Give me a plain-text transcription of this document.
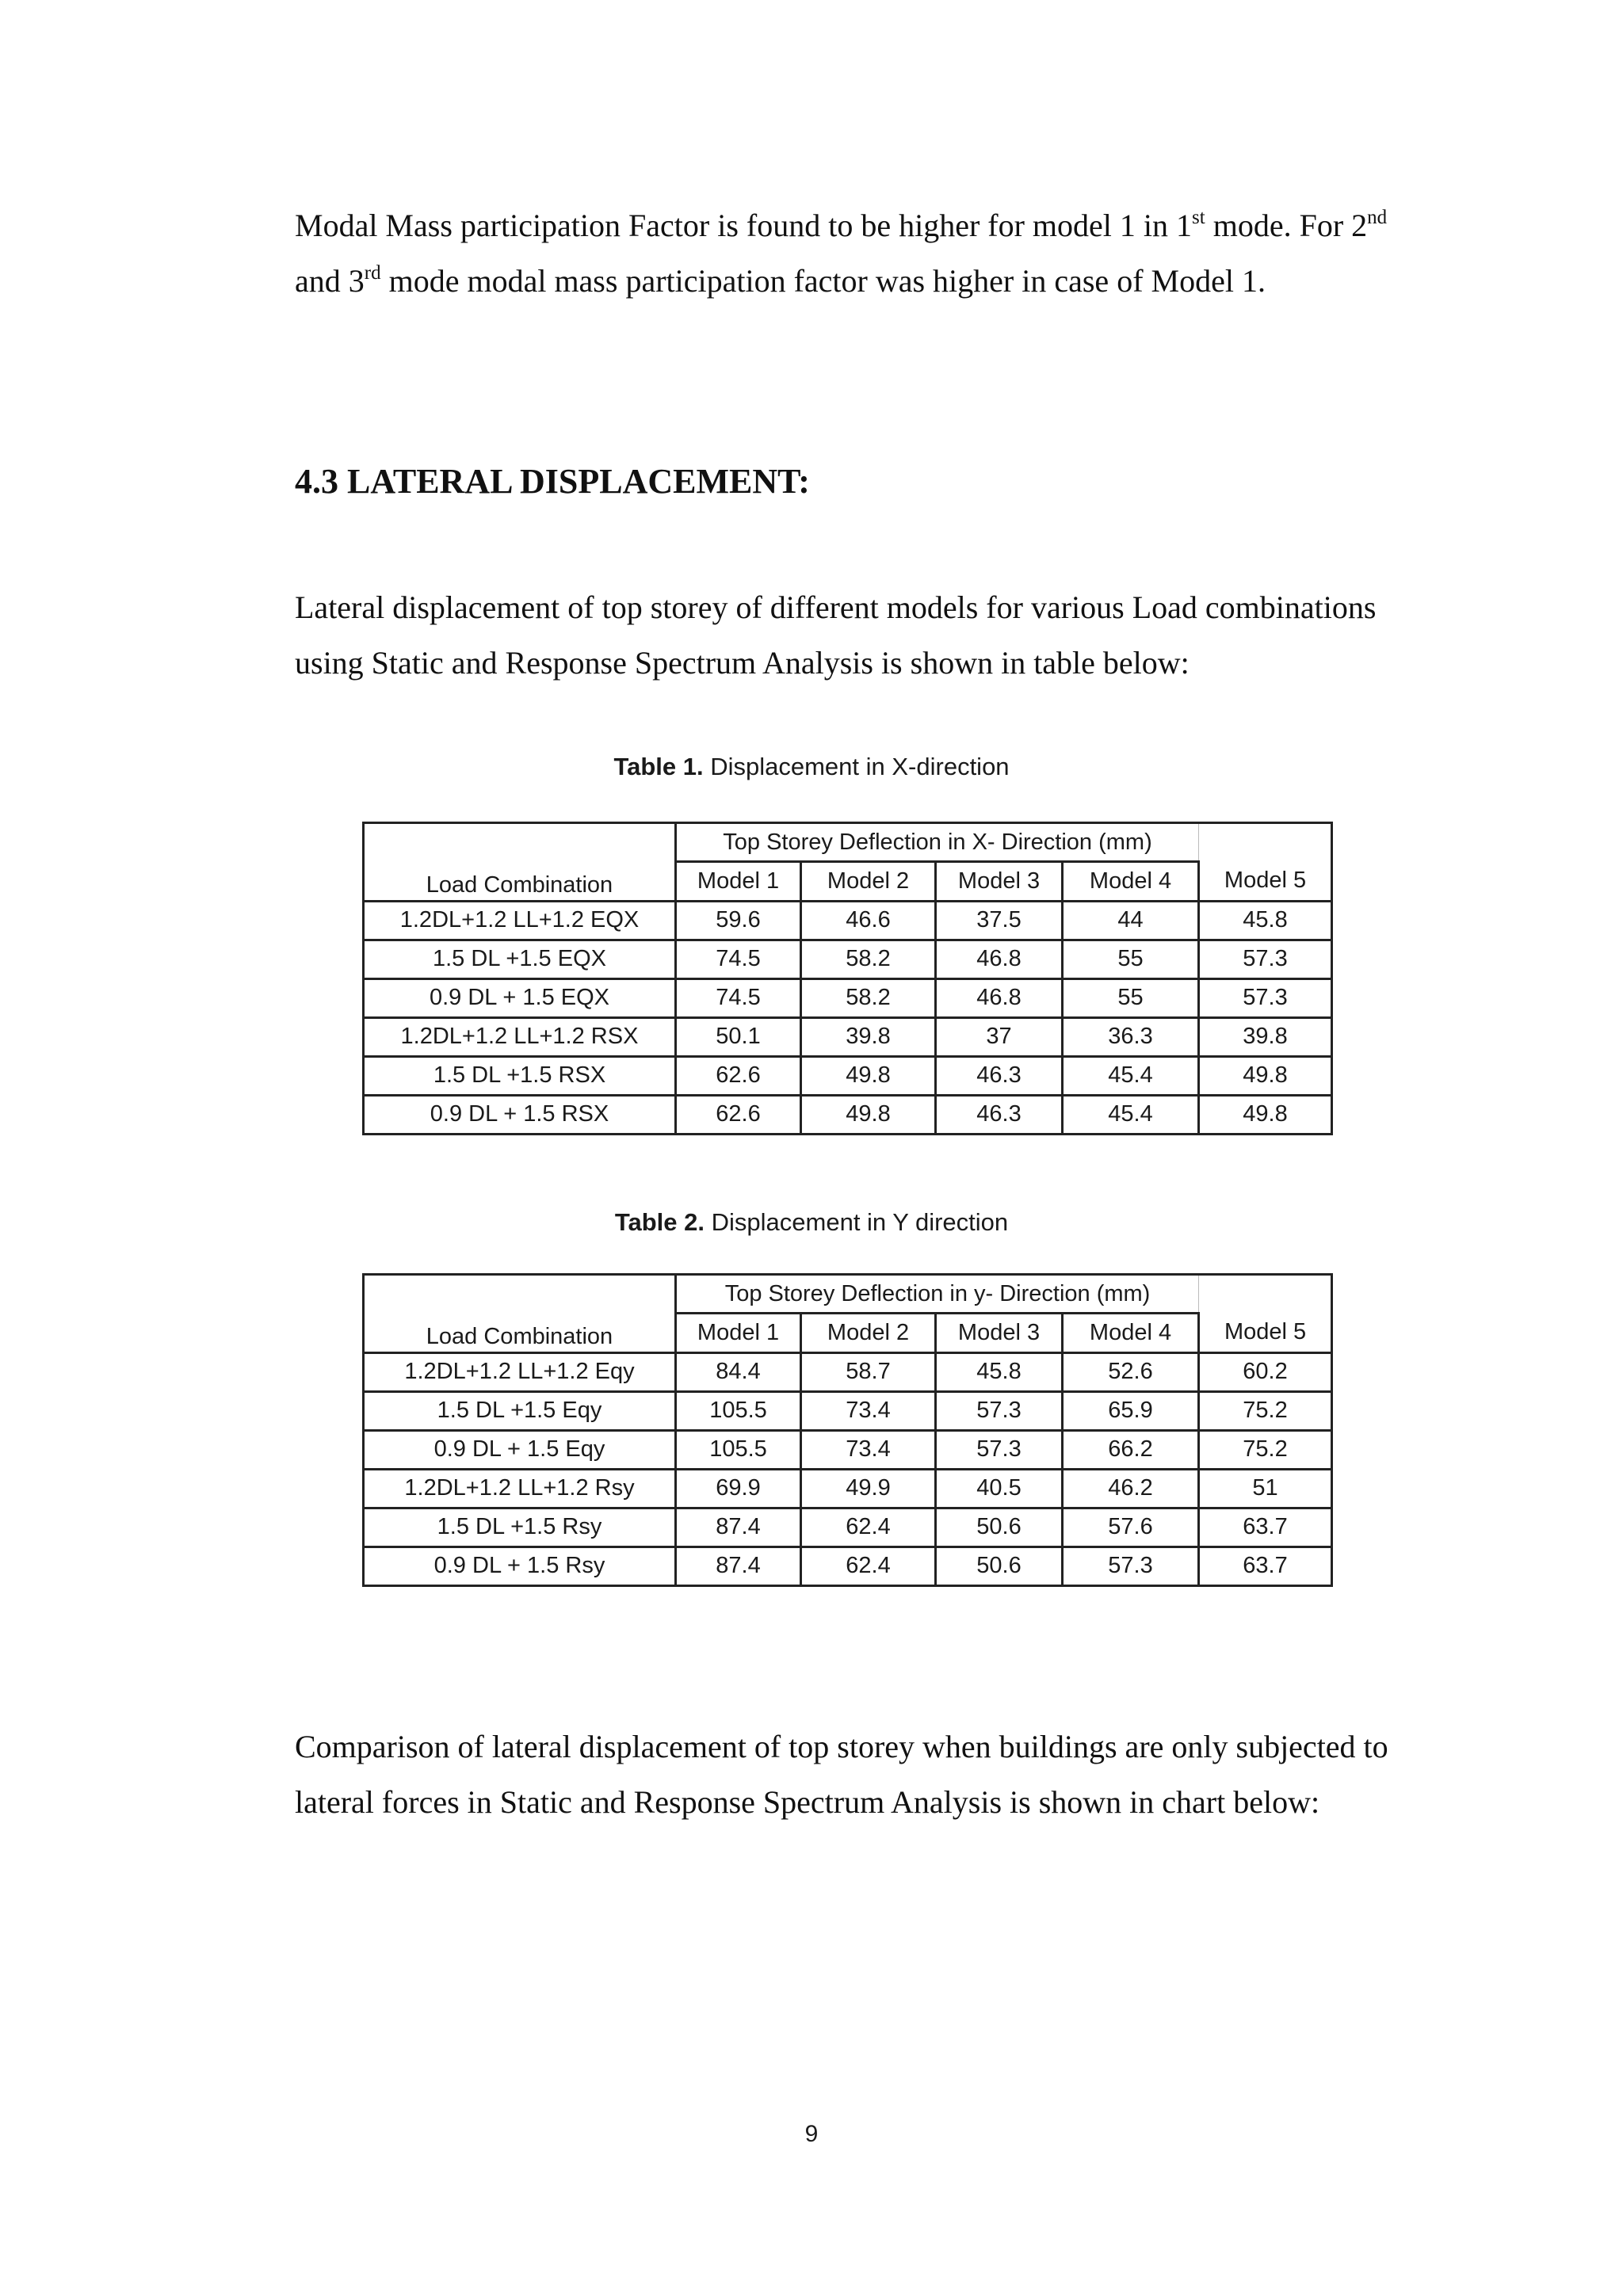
Modal Mass participation Factor is found to be higher for model 1 in 1st mode. For 2nd
and 3rd mode modal mass participation factor was higher in case of Model 1.
4.3 LATERAL DISPLACEMENT:
Lateral displacement of top storey of different models for various Load combinations
using Static and Response Spectrum Analysis is shown in table below:
Table 1. Displacement in X-direction
	Top Storey Deflection in X- Direction (mm)				
Load Combination	Model 1	Model 2	Model 3	Model 4	Model 5
1.2DL+1.2 LL+1.2 EQX	59.6	46.6	37.5	44	45.8
1.5 DL +1.5 EQX	74.5	58.2	46.8	55	57.3
0.9 DL + 1.5 EQX	74.5	58.2	46.8	55	57.3
1.2DL+1.2 LL+1.2 RSX	50.1	39.8	37	36.3	39.8
1.5 DL +1.5 RSX	62.6	49.8	46.3	45.4	49.8
0.9 DL + 1.5 RSX	62.6	49.8	46.3	45.4	49.8
Table 2. Displacement in Y direction
	Top Storey Deflection in y- Direction (mm)				
Load Combination	Model 1	Model 2	Model 3	Model 4	Model 5
1.2DL+1.2 LL+1.2 Eqy	84.4	58.7	45.8	52.6	60.2
1.5 DL +1.5 Eqy	105.5	73.4	57.3	65.9	75.2
0.9 DL + 1.5 Eqy	105.5	73.4	57.3	66.2	75.2
1.2DL+1.2 LL+1.2 Rsy	69.9	49.9	40.5	46.2	51
1.5 DL +1.5 Rsy	87.4	62.4	50.6	57.6	63.7
0.9 DL + 1.5 Rsy	87.4	62.4	50.6	57.3	63.7
Comparison of lateral displacement of top storey when buildings are only subjected to
lateral forces in Static and Response Spectrum Analysis is shown in chart below:
9
